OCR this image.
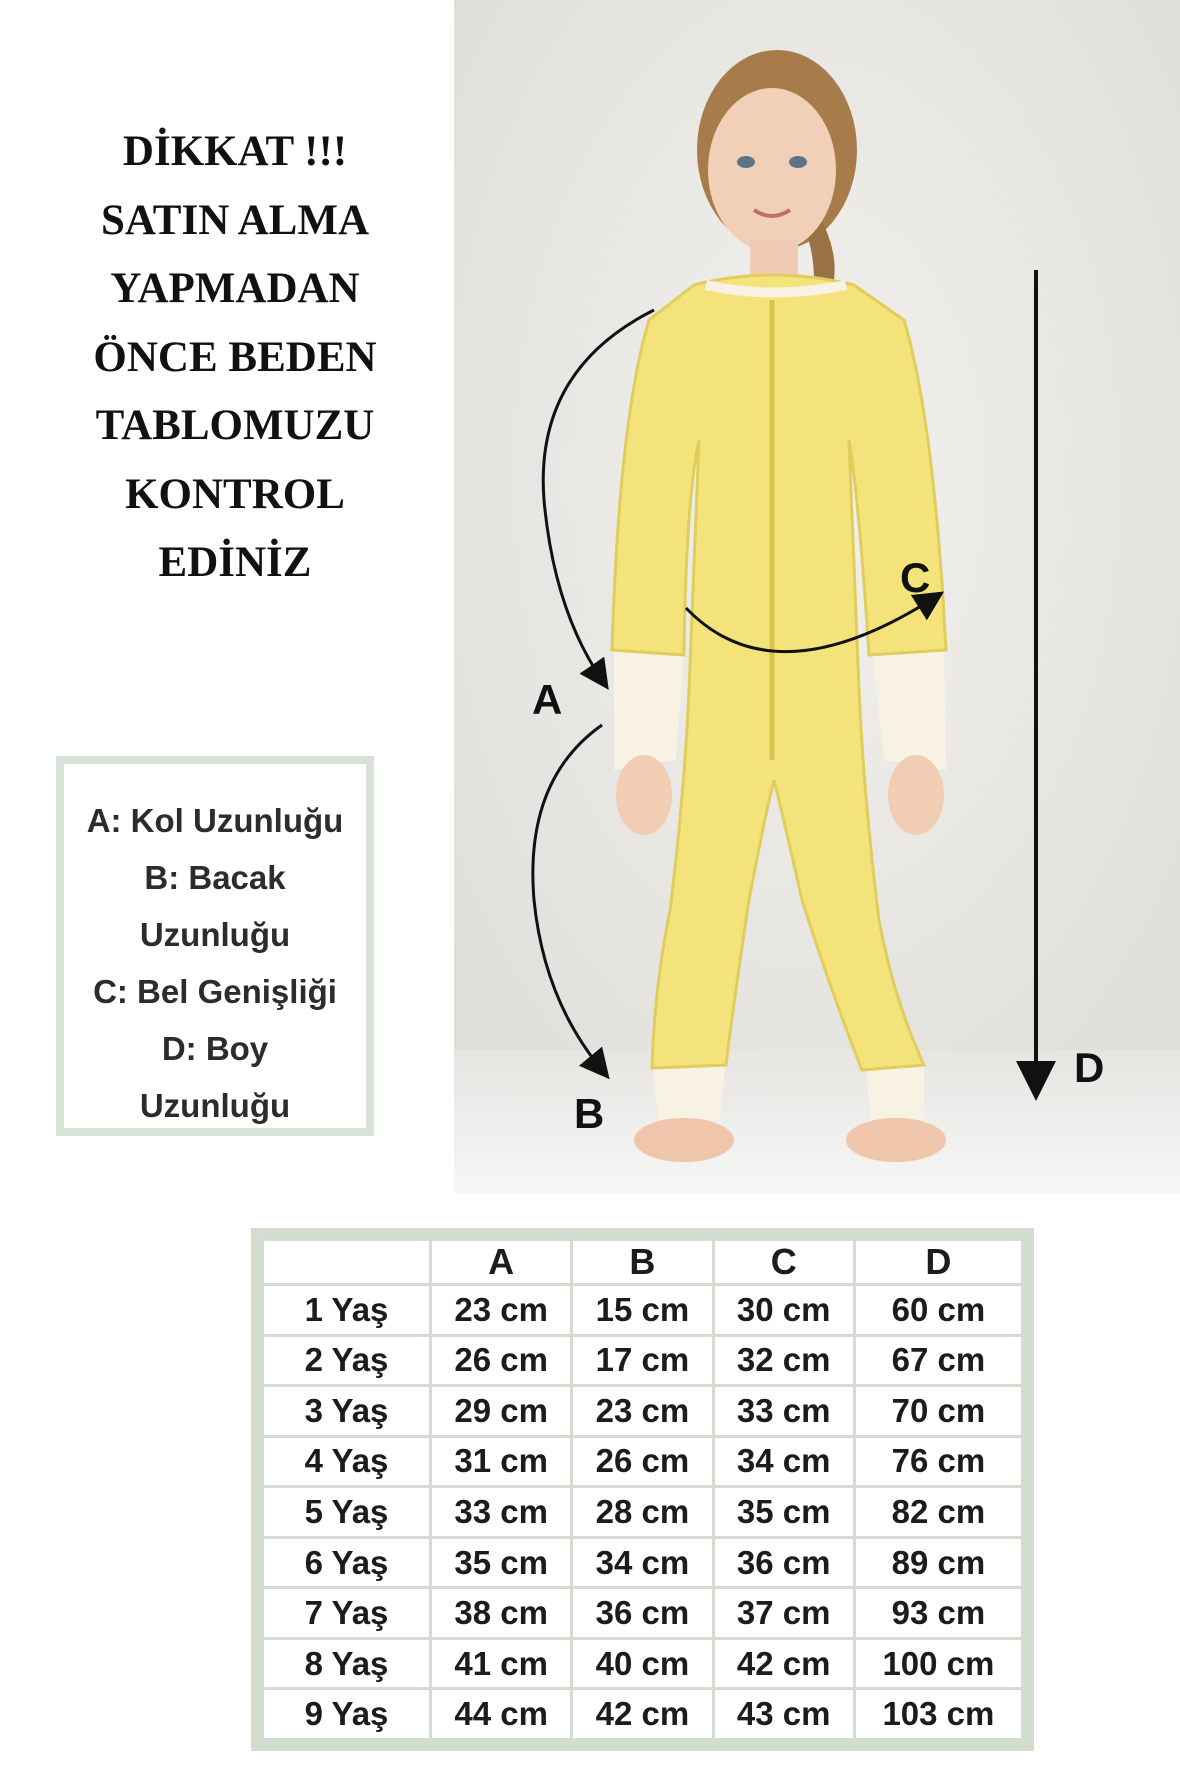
DİKKAT !!!
SATIN ALMA
YAPMADAN
ÖNCE BEDEN
TABLOMUZU
KONTROL
EDİNİZ
A: Kol Uzunluğu
B: Bacak
Uzunluğu
C: Bel Genişliği
D: Boy
Uzunluğu
A
B
C
D
	A	B	C	D
1 Yaş	23 cm	15 cm	30 cm	60 cm
2 Yaş	26 cm	17 cm	32 cm	67 cm
3 Yaş	29 cm	23 cm	33 cm	70 cm
4 Yaş	31 cm	26 cm	34 cm	76 cm
5 Yaş	33 cm	28 cm	35 cm	82 cm
6 Yaş	35 cm	34 cm	36 cm	89 cm
7 Yaş	38 cm	36 cm	37 cm	93 cm
8 Yaş	41 cm	40 cm	42 cm	100 cm
9 Yaş	44 cm	42 cm	43 cm	103 cm
